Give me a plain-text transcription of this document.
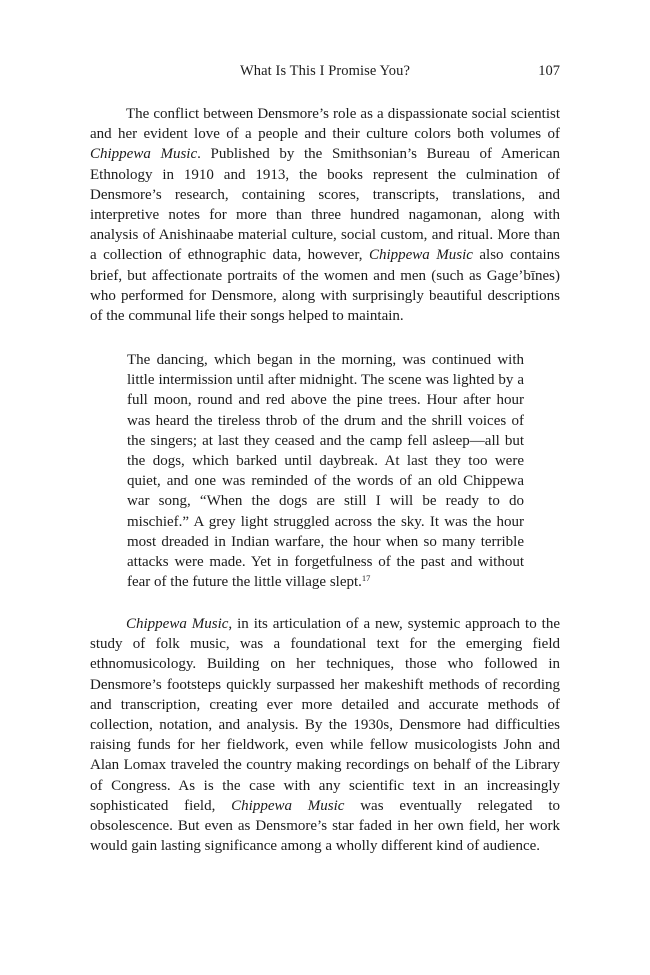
What Is This I Promise You?	107

The conflict between Densmore’s role as a dispassionate social scientist and her evident love of a people and their culture colors both volumes of Chippewa Music. Published by the Smithsonian’s Bureau of American Ethnology in 1910 and 1913, the books represent the culmination of Densmore’s research, containing scores, transcripts, translations, and interpretive notes for more than three hundred nagamonan, along with analysis of Anishinaabe material culture, social custom, and ritual. More than a collection of ethnographic data, however, Chippewa Music also contains brief, but affectionate portraits of the women and men (such as Gage’bīnes) who performed for Densmore, along with surprisingly beautiful descriptions of the communal life their songs helped to maintain.

The dancing, which began in the morning, was continued with little intermission until after midnight. The scene was lighted by a full moon, round and red above the pine trees. Hour after hour was heard the tireless throb of the drum and the shrill voices of the singers; at last they ceased and the camp fell asleep—all but the dogs, which barked until daybreak. At last they too were quiet, and one was reminded of the words of an old Chippewa war song, “When the dogs are still I will be ready to do mischief.” A grey light struggled across the sky. It was the hour most dreaded in Indian warfare, the hour when so many terrible attacks were made. Yet in forgetfulness of the past and without fear of the future the little village slept.$^{17}$

Chippewa Music, in its articulation of a new, systemic approach to the study of folk music, was a foundational text for the emerging field ethnomusicology. Building on her techniques, those who followed in Densmore’s footsteps quickly surpassed her makeshift methods of recording and transcription, creating ever more detailed and accurate methods of collection, notation, and analysis. By the 1930s, Densmore had difficulties raising funds for her fieldwork, even while fellow musicologists John and Alan Lomax traveled the country making recordings on behalf of the Library of Congress. As is the case with any scientific text in an increasingly sophisticated field, Chippewa Music was eventually relegated to obsolescence. But even as Densmore’s star faded in her own field, her work would gain lasting significance among a wholly different kind of audience.
